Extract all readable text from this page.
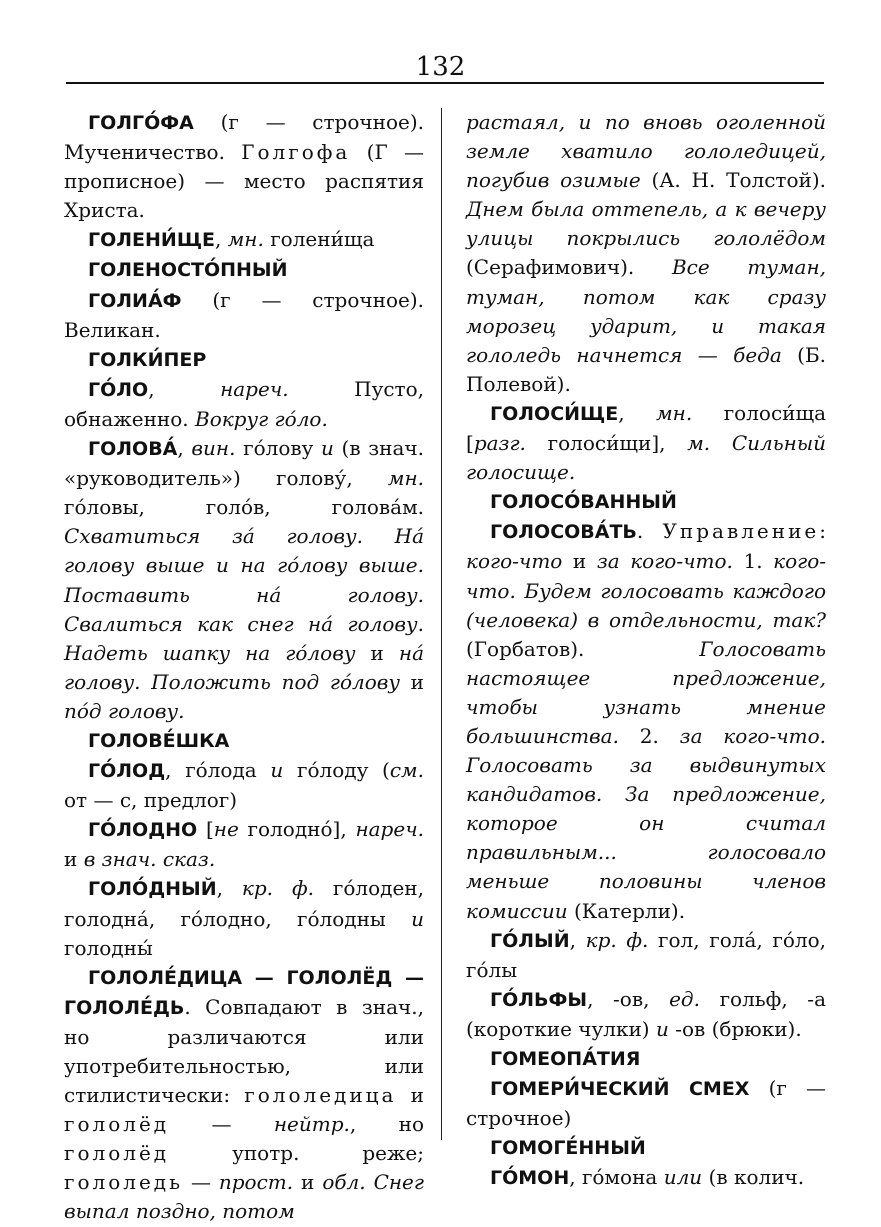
132

ГОЛГО́ФА (г — строчное). Мученичество. Голгофа (Г — прописное) — место распятия Христа.

ГОЛЕНИ́ЩЕ, мн. голени́ща

ГОЛЕНОСТО́ПНЫЙ

ГОЛИА́Ф (г — строчное). Великан.

ГОЛКИ́ПЕР

ГО́ЛО, нареч. Пусто, обнаженно. Вокруг го́ло.

ГОЛОВА́, вин. го́лову и (в знач. «руководитель») голову́, мн. го́ловы, голо́в, голова́м. Схватиться за́ голову. На́ голову выше и на го́лову выше. Поставить на́ голову. Свалиться как снег на́ голову. Надеть шапку на го́лову и на́ голову. Положить под го́лову и по́д голову.

ГОЛОВЕ́ШКА

ГО́ЛОД, го́лода и го́лоду (см. от — с, предлог)

ГО́ЛОДНО [не голодно́], нареч. и в знач. сказ.

ГОЛО́ДНЫЙ, кр. ф. го́лоден, голодна́, го́лодно, го́лодны и голодны́

ГОЛОЛЕ́ДИЦА — ГОЛОЛЁД — ГОЛОЛЕ́ДЬ. Совпадают в знач., но различаются или употребительностью, или стилистически: гололедица и гололёд — нейтр., но гололёд употр. реже; гололедь — прост. и обл. Снег выпал поздно, потом

растаял, и по вновь оголенной земле хватило гололедицей, погубив озимые (А. Н. Толстой). Днем была оттепель, а к вечеру улицы покрылись гололёдом (Серафимович). Все туман, туман, потом как сразу морозец ударит, и такая гололедь начнется — беда (Б. Полевой).

ГОЛОСИ́ЩЕ, мн. голоси́ща [разг. голоси́щи], м. Сильный голосище.

ГОЛОСО́ВАННЫЙ

ГОЛОСОВА́ТЬ. Управление: кого-что и за кого-что. 1. кого-что. Будем голосовать каждого (человека) в отдельности, так? (Горбатов). Голосовать настоящее предложение, чтобы узнать мнение большинства. 2. за кого-что. Голосовать за выдвинутых кандидатов. За предложение, которое он считал правильным... голосовало меньше половины членов комиссии (Катерли).

ГО́ЛЫЙ, кр. ф. гол, гола́, го́ло, го́лы

ГО́ЛЬФЫ, -ов, ед. гольф, -а (короткие чулки) и -ов (брюки).

ГОМЕОПА́ТИЯ

ГОМЕРИ́ЧЕСКИЙ СМЕХ (г — строчное)

ГОМОГЕ́ННЫЙ

ГО́МОН, го́мона или (в колич.
